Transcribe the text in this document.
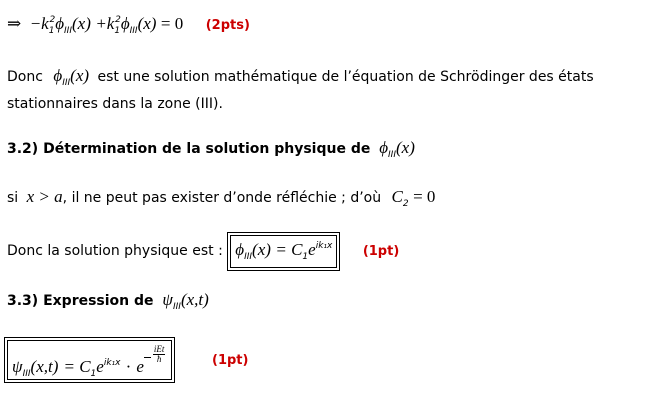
⇒ $-k_1^2\phi_{III}(x) +k_1^2\phi_{III}(x) = 0$ (2pts)
Donc $\phi_{III}(x)$ est une solution mathématique de l’équation de Schrödinger des états
stationnaires dans la zone (III).
3.2) Détermination de la solution physique de $\phi_{III}(x)$
si x > a, il ne peut pas exister d’onde réfléchie ; d’où $C_2 = 0$
Donc la solution physique est : $\phi_{III}(x) = C_1e^{ik_1x}$ (1pt)
3.3) Expression de $\psi_{III}(x,t)$
$\psi_{III}(x,t) = C_1e^{ik_1x} \cdot e$
$\frac{\text{iEt}}{ħ}$	(1pt)
